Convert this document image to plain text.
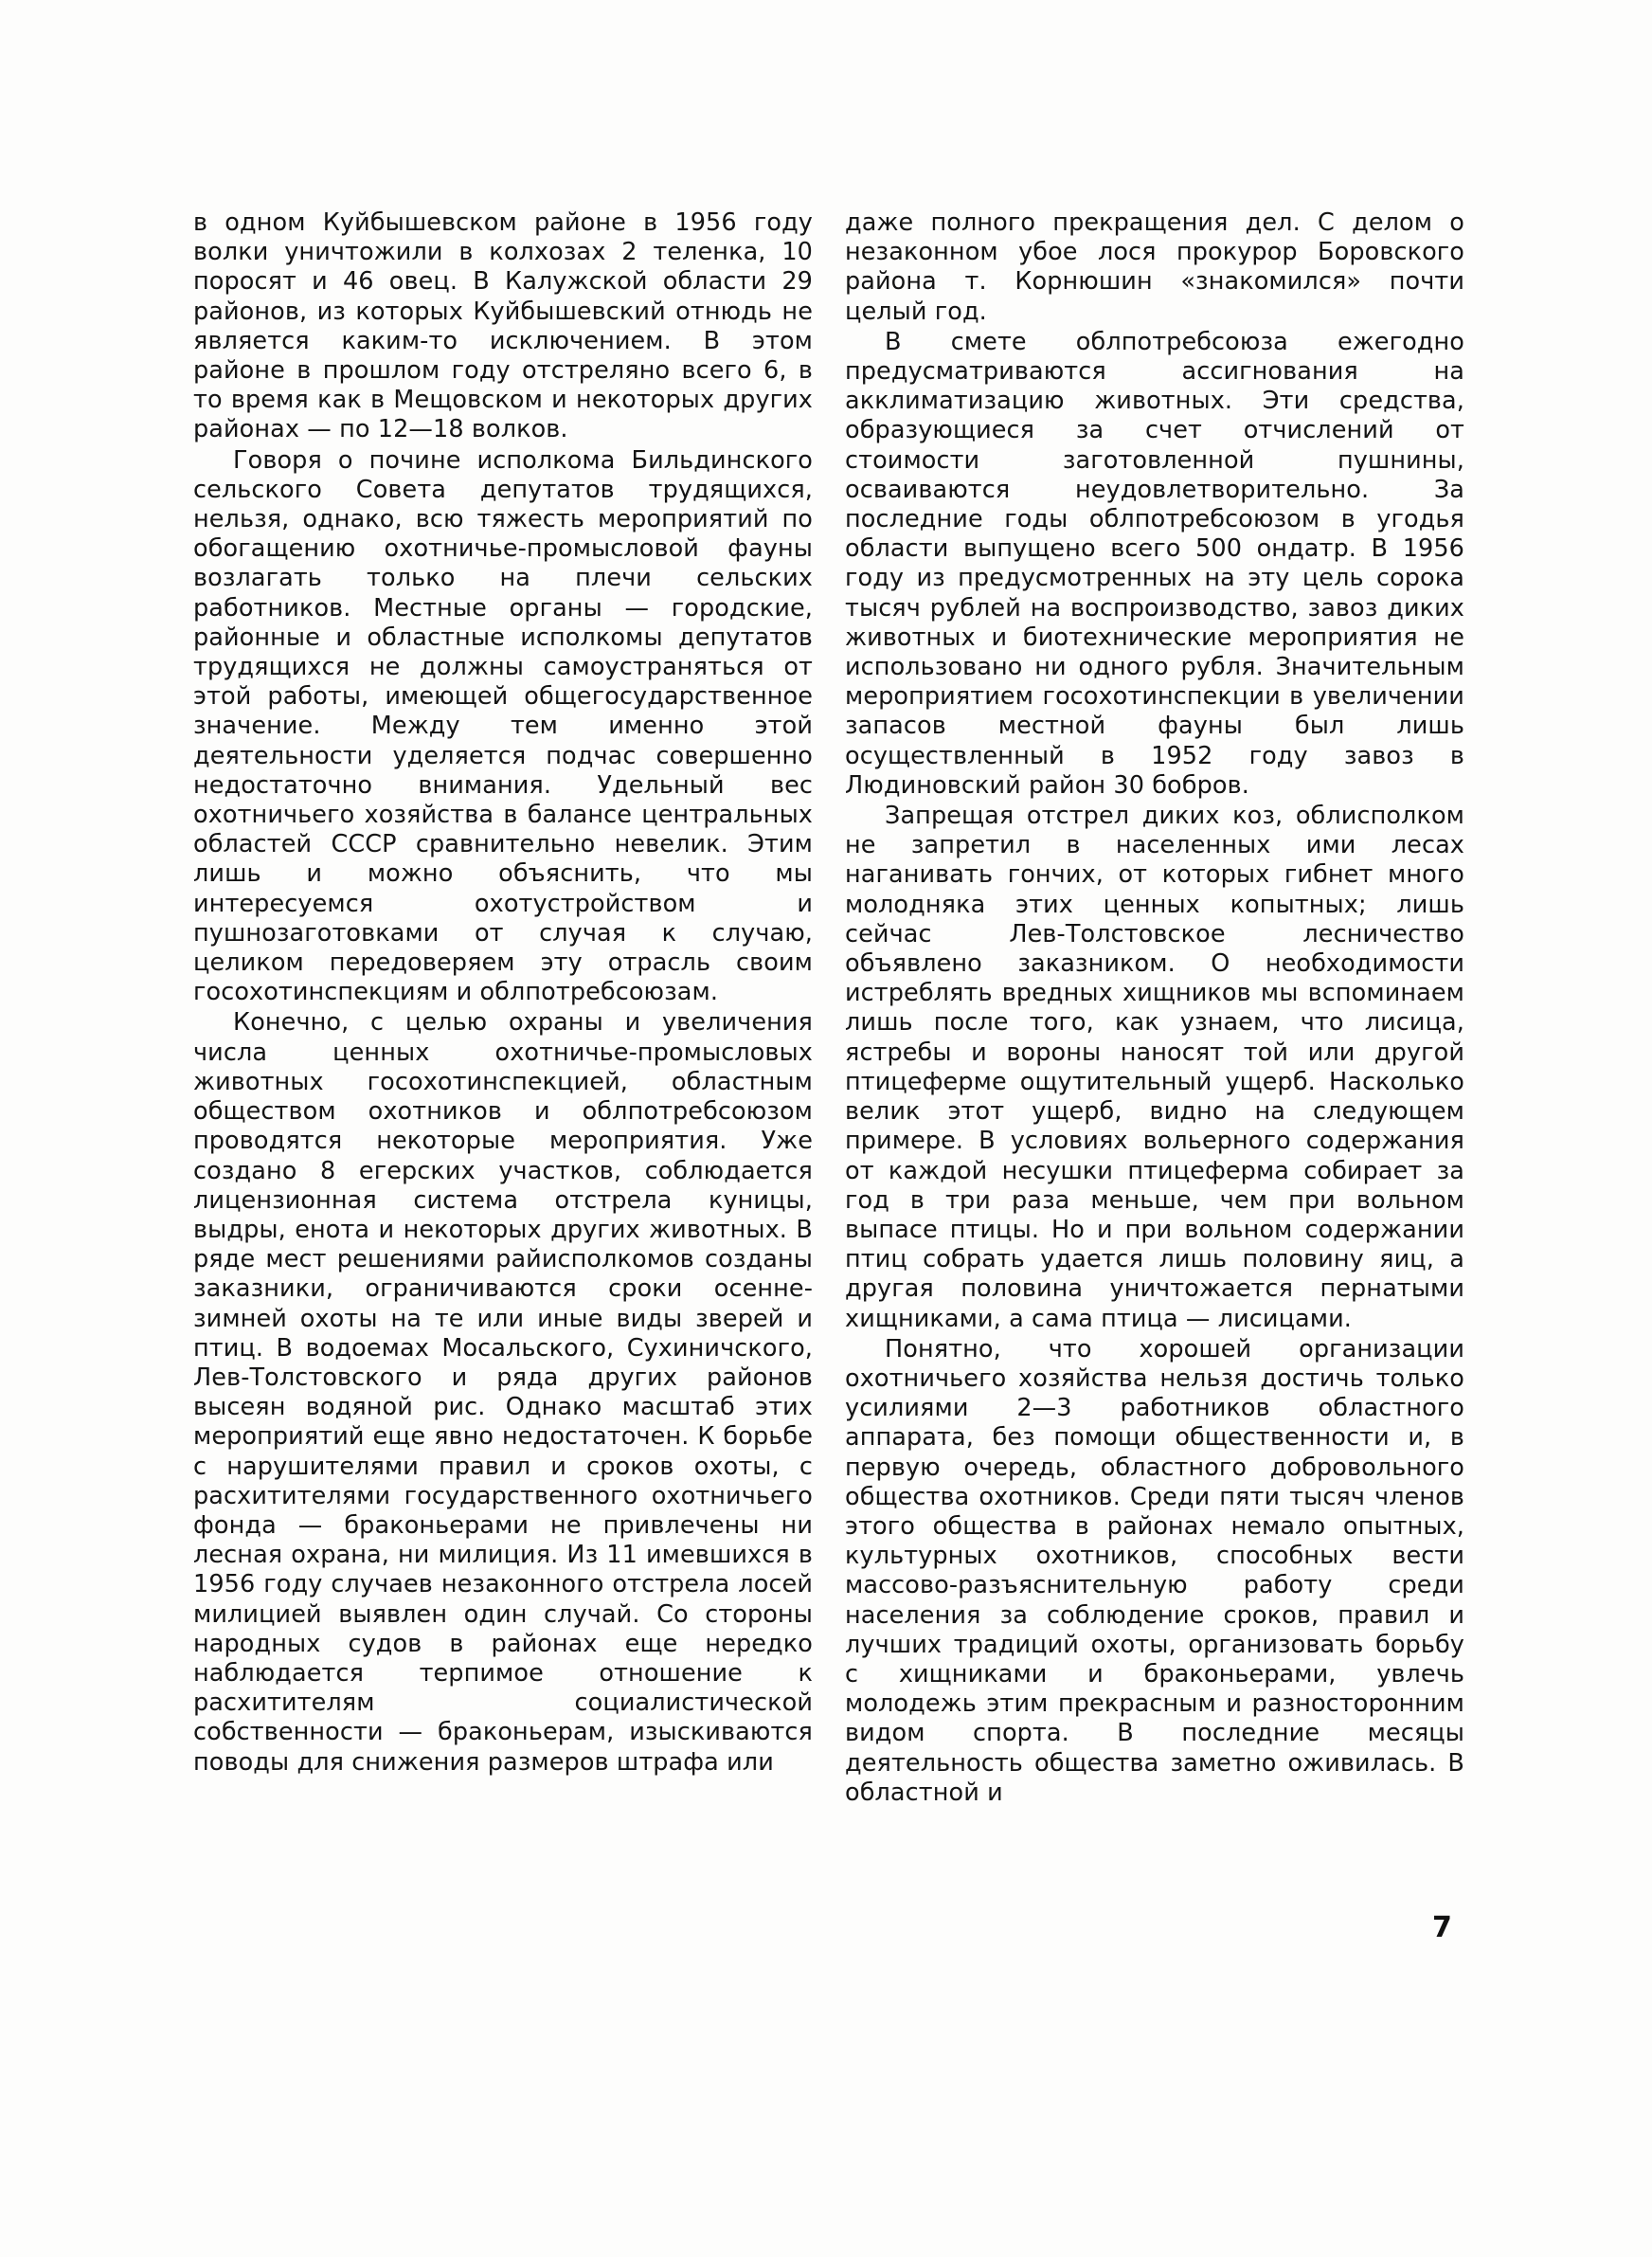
в одном Куйбышевском районе в 1956 году волки уничтожили в колхозах 2 теленка, 10 поросят и 46 овец. В Калужской области 29 районов, из которых Куйбышевский отнюдь не является каким-то исключением. В этом районе в прошлом году отстреляно всего 6, в то время как в Мещовском и некоторых других районах — по 12—18 волков.

Говоря о почине исполкома Бильдинского сельского Совета депутатов трудящихся, нельзя, однако, всю тяжесть мероприятий по обогащению охотничье-промысловой фауны возлагать только на плечи сельских работников. Местные органы — городские, районные и областные исполкомы депутатов трудящихся не должны самоустраняться от этой работы, имеющей общегосударственное значение. Между тем именно этой деятельности уделяется подчас совершенно недостаточно внимания. Удельный вес охотничьего хозяйства в балансе центральных областей СССР сравнительно невелик. Этим лишь и можно объяснить, что мы интересуемся охотустройством и пушнозаготовками от случая к случаю, целиком передоверяем эту отрасль своим госохотинспекциям и облпотребсоюзам.

Конечно, с целью охраны и увеличения числа ценных охотничье-промысловых животных госохотинспекцией, областным обществом охотников и облпотребсоюзом проводятся некоторые мероприятия. Уже создано 8 егерских участков, соблюдается лицензионная система отстрела куницы, выдры, енота и некоторых других животных. В ряде мест решениями райисполкомов созданы заказники, ограничиваются сроки осенне-зимней охоты на те или иные виды зверей и птиц. В водоемах Мосальского, Сухиничского, Лев-Толстовского и ряда других районов высеян водяной рис. Однако масштаб этих мероприятий еще явно недостаточен. К борьбе с нарушителями правил и сроков охоты, с расхитителями государственного охотничьего фонда — браконьерами не привлечены ни лесная охрана, ни милиция. Из 11 имевшихся в 1956 году случаев незаконного отстрела лосей милицией выявлен один случай. Со стороны народных судов в районах еще нередко наблюдается терпимое отношение к расхитителям социалистической собственности — браконьерам, изыскиваются поводы для снижения размеров штрафа или

даже полного прекращения дел. С делом о незаконном убое лося прокурор Боровского района т. Корнюшин «знакомился» почти целый год.

В смете облпотребсоюза ежегодно предусматриваются ассигнования на акклиматизацию животных. Эти средства, образующиеся за счет отчислений от стоимости заготовленной пушнины, осваиваются неудовлетворительно. За последние годы облпотребсоюзом в угодья области выпущено всего 500 ондатр. В 1956 году из предусмотренных на эту цель сорока тысяч рублей на воспроизводство, завоз диких животных и биотехнические мероприятия не использовано ни одного рубля. Значительным мероприятием госохотинспекции в увеличении запасов местной фауны был лишь осуществленный в 1952 году завоз в Людиновский район 30 бобров.

Запрещая отстрел диких коз, облисполком не запретил в населенных ими лесах наганивать гончих, от которых гибнет много молодняка этих ценных копытных; лишь сейчас Лев-Толстовское лесничество объявлено заказником. О необходимости истреблять вредных хищников мы вспоминаем лишь после того, как узнаем, что лисица, ястребы и вороны наносят той или другой птицеферме ощутительный ущерб. Насколько велик этот ущерб, видно на следующем примере. В условиях вольерного содержания от каждой несушки птицеферма собирает за год в три раза меньше, чем при вольном выпасе птицы. Но и при вольном содержании птиц собрать удается лишь половину яиц, а другая половина уничтожается пернатыми хищниками, а сама птица — лисицами.

Понятно, что хорошей организации охотничьего хозяйства нельзя достичь только усилиями 2—3 работников областного аппарата, без помощи общественности и, в первую очередь, областного добровольного общества охотников. Среди пяти тысяч членов этого общества в районах немало опытных, культурных охотников, способных вести массово-разъяснительную работу среди населения за соблюдение сроков, правил и лучших традиций охоты, организовать борьбу с хищниками и браконьерами, увлечь молодежь этим прекрасным и разносторонним видом спорта. В последние месяцы деятельность общества заметно оживилась. В областной и

7
